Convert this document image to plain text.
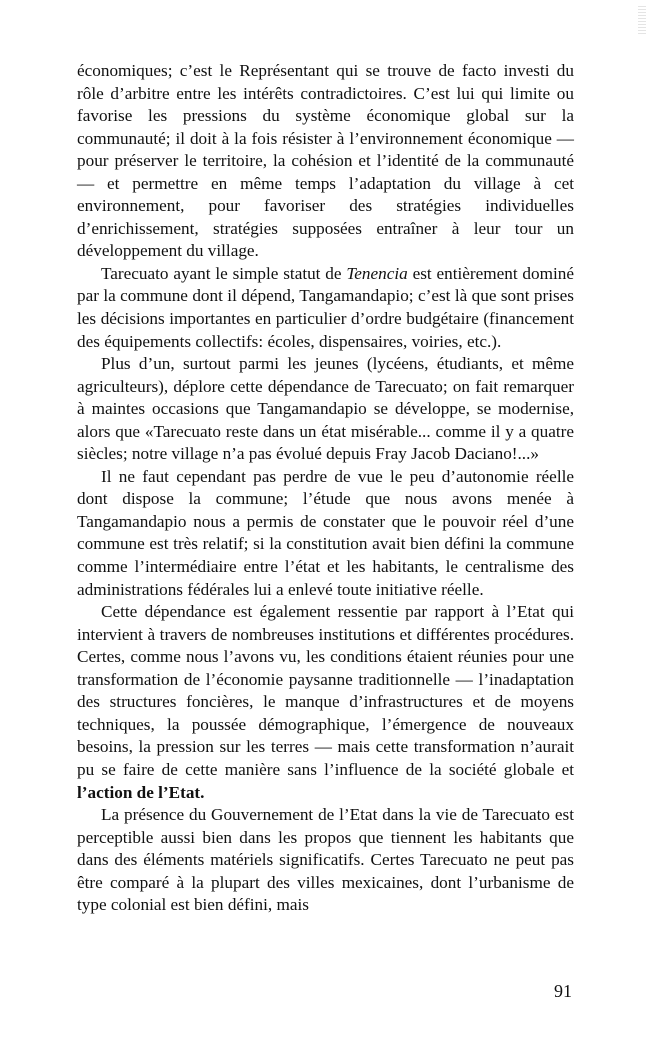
économiques; c’est le Représentant qui se trouve de facto investi du rôle d’arbitre entre les intérêts contradictoires. C’est lui qui limite ou favorise les pressions du système économique global sur la communauté; il doit à la fois résister à l’environnement économique — pour préserver le territoire, la cohésion et l’identité de la communauté — et permettre en même temps l’adaptation du village à cet environnement, pour favoriser des stratégies individuelles d’enrichissement, stratégies supposées entraîner à leur tour un développement du village.

Tarecuato ayant le simple statut de Tenencia est entièrement dominé par la commune dont il dépend, Tangamandapio; c’est là que sont prises les décisions importantes en particulier d’ordre budgétaire (financement des équipements collectifs: écoles, dispensaires, voiries, etc.).

Plus d’un, surtout parmi les jeunes (lycéens, étudiants, et même agriculteurs), déplore cette dépendance de Tarecuato; on fait remarquer à maintes occasions que Tangamandapio se développe, se modernise, alors que «Tarecuato reste dans un état misérable... comme il y a quatre siècles; notre village n’a pas évolué depuis Fray Jacob Daciano!...»

Il ne faut cependant pas perdre de vue le peu d’autonomie réelle dont dispose la commune; l’étude que nous avons menée à Tangamandapio nous a permis de constater que le pouvoir réel d’une commune est très relatif; si la constitution avait bien défini la commune comme l’intermédiaire entre l’état et les habitants, le centralisme des administrations fédérales lui a enlevé toute initiative réelle.

Cette dépendance est également ressentie par rapport à l’Etat qui intervient à travers de nombreuses institutions et différentes procédures. Certes, comme nous l’avons vu, les conditions étaient réunies pour une transformation de l’économie paysanne traditionnelle — l’inadaptation des structures foncières, le manque d’infrastructures et de moyens techniques, la poussée démographique, l’émergence de nouveaux besoins, la pression sur les terres — mais cette transformation n’aurait pu se faire de cette manière sans l’influence de la société globale et l’action de l’Etat.

La présence du Gouvernement de l’Etat dans la vie de Tarecuato est perceptible aussi bien dans les propos que tiennent les habitants que dans des éléments matériels significatifs. Certes Tarecuato ne peut pas être comparé à la plupart des villes mexicaines, dont l’urbanisme de type colonial est bien défini, mais

91
